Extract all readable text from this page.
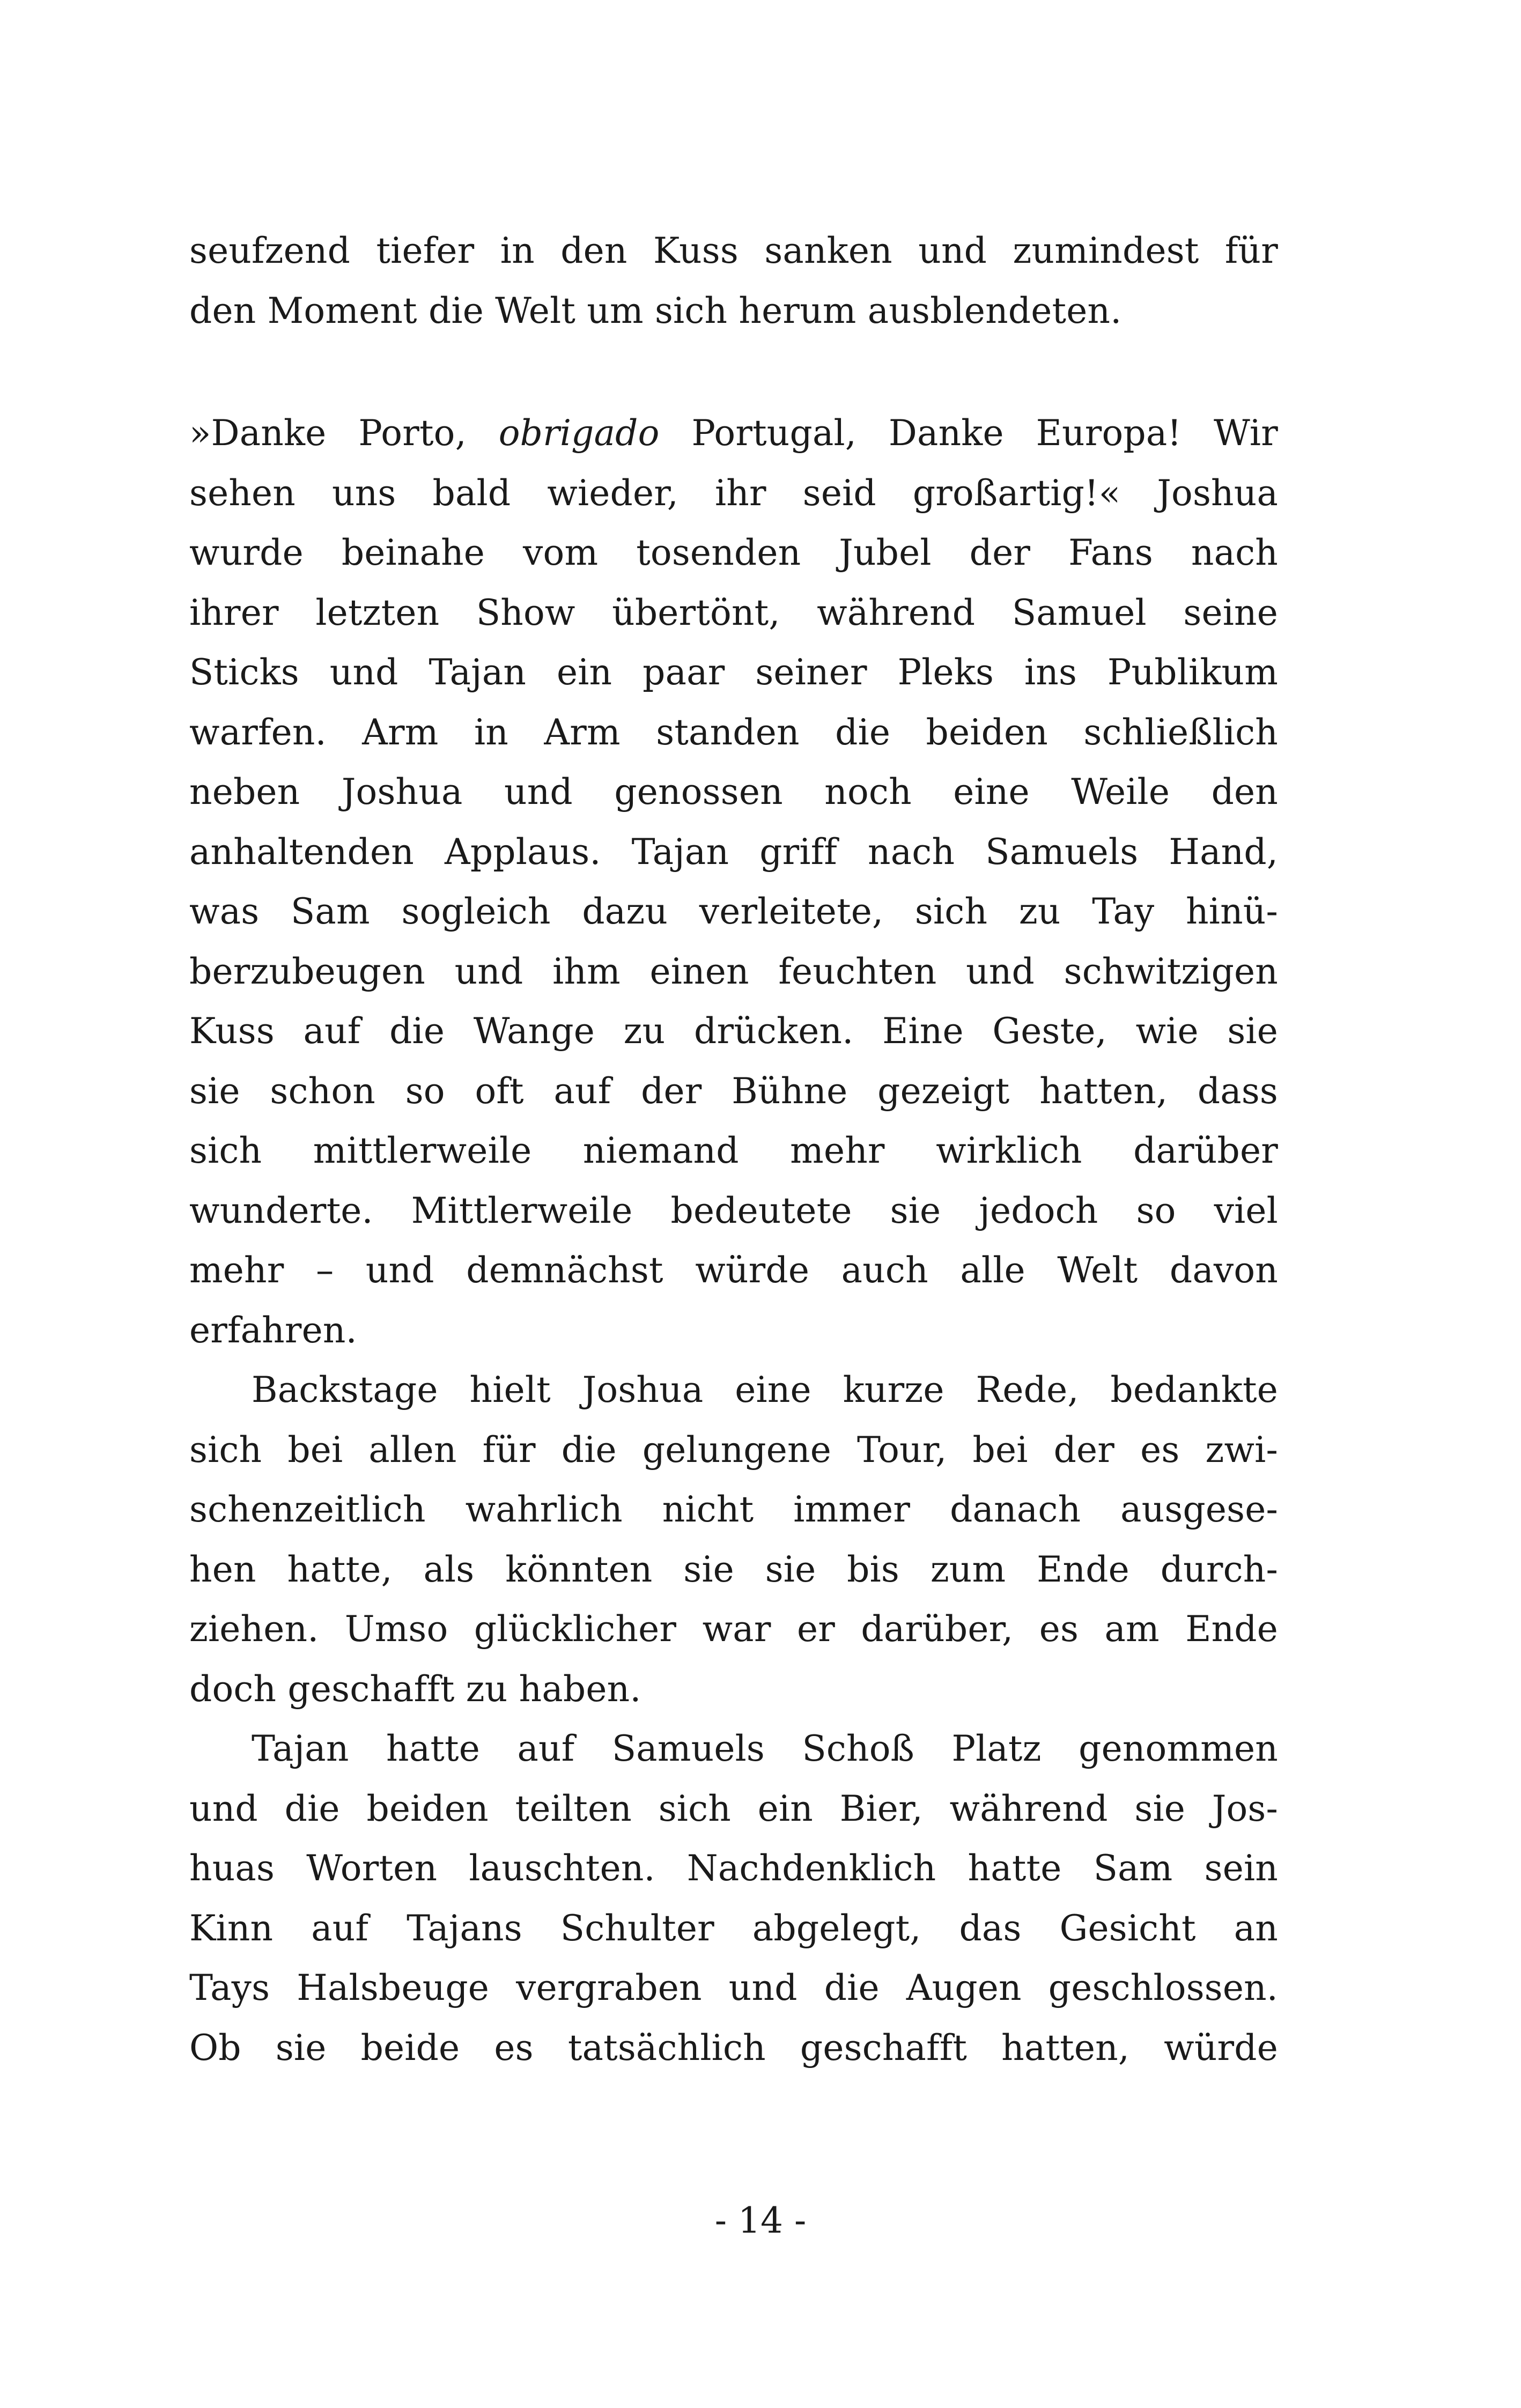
seufzend tiefer in den Kuss sanken und zumindest für
den Moment die Welt um sich herum ausblendeten.
»Danke Porto, obrigado Portugal, Danke Europa! Wir
sehen uns bald wieder, ihr seid großartig!« Joshua
wurde beinahe vom tosenden Jubel der Fans nach
ihrer letzten Show übertönt, während Samuel seine
Sticks und Tajan ein paar seiner Pleks ins Publikum
warfen. Arm in Arm standen die beiden schließlich
neben Joshua und genossen noch eine Weile den
anhaltenden Applaus. Tajan griff nach Samuels Hand,
was Sam sogleich dazu verleitete, sich zu Tay hinü-
berzubeugen und ihm einen feuchten und schwitzigen
Kuss auf die Wange zu drücken. Eine Geste, wie sie
sie schon so oft auf der Bühne gezeigt hatten, dass
sich mittlerweile niemand mehr wirklich darüber
wunderte. Mittlerweile bedeutete sie jedoch so viel
mehr – und demnächst würde auch alle Welt davon
erfahren.
Backstage hielt Joshua eine kurze Rede, bedankte
sich bei allen für die gelungene Tour, bei der es zwi-
schenzeitlich wahrlich nicht immer danach ausgese-
hen hatte, als könnten sie sie bis zum Ende durch-
ziehen. Umso glücklicher war er darüber, es am Ende
doch geschafft zu haben.
Tajan hatte auf Samuels Schoß Platz genommen
und die beiden teilten sich ein Bier, während sie Jos-
huas Worten lauschten. Nachdenklich hatte Sam sein
Kinn auf Tajans Schulter abgelegt, das Gesicht an
Tays Halsbeuge vergraben und die Augen geschlossen.
Ob sie beide es tatsächlich geschafft hatten, würde
- 14 -
